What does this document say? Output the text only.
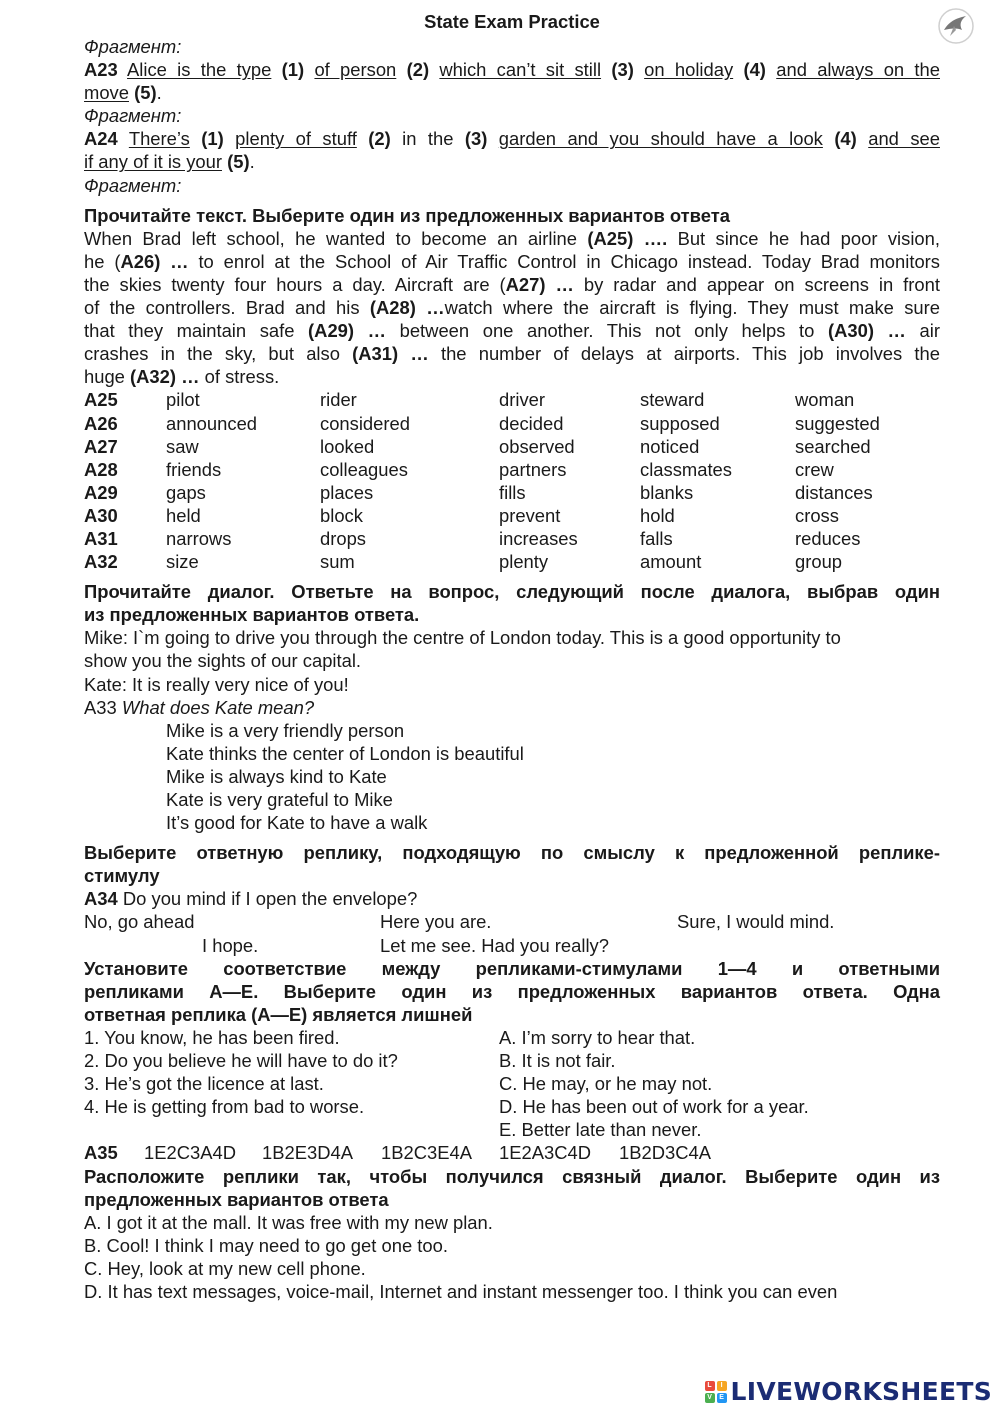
State Exam Practice
Фрагмент:
A23 Alice is the type (1) of person (2) which can’t sit still (3) on holiday (4) and always on the
move (5).
Фрагмент:
A24 There’s (1) plenty of stuff (2) in the (3) garden and you should have a look (4) and see
if any of it is your (5).
Фрагмент:
Прочитайте текст. Выберите один из предложенных вариантов ответа
When Brad left school, he wanted to become an airline (A25) …. But since he had poor vision,
he (A26) … to enrol at the School of Air Traffic Control in Chicago instead. Today Brad monitors
the skies twenty four hours a day. Aircraft are (A27) … by radar and appear on screens in front
of the controllers. Brad and his (A28) …watch where the aircraft is flying. They must make sure
that they maintain safe (A29) … between one another. This not only helps to (A30) … air
crashes in the sky, but also (A31) … the number of delays at airports. This job involves the
huge (A32) … of stress.
A25	pilot	rider	driver	steward	woman
A26	announced	considered	decided	supposed	suggested
A27	saw	looked	observed	noticed	searched
A28	friends	colleagues	partners	classmates	crew
A29	gaps	places	fills	blanks	distances
A30	held	block	prevent	hold	cross
A31	narrows	drops	increases	falls	reduces
A32	size	sum	plenty	amount	group
Прочитайте диалог. Ответьте на вопрос, следующий после диалога, выбрав один
из предложенных вариантов ответа.
Mike: I`m going to drive you through the centre of London today. This is a good opportunity to
show you the sights of our capital.
Kate: It is really very nice of you!
A33 What does Kate mean?
Mike is a very friendly person
Kate thinks the center of London is beautiful
Mike is always kind to Kate
Kate is very grateful to Mike
It’s good for Kate to have a walk
Выберите ответную реплику, подходящую по смыслу к предложенной реплике-
стимулу
A34 Do you mind if I open the envelope?
No, go ahead	Here you are.	Sure, I would mind.
I hope.	Let me see. Had you really?
Установите соответствие между репликами-стимулами 1—4 и ответными
репликами А—Е. Выберите один из предложенных вариантов ответа. Одна
ответная реплика (А—Е) является лишней
1. You know, he has been fired.	A. I’m sorry to hear that.
2. Do you believe he will have to do it?	B. It is not fair.
3. He’s got the licence at last.	C. He may, or he may not.
4. He is getting from bad to worse.	D. He has been out of work for a year.
E. Better late than never.
A35	1E2C3A4D	1B2E3D4A	1B2C3E4A	1E2A3C4D	1B2D3C4A
Расположите реплики так, чтобы получился связный диалог. Выберите один из
предложенных вариантов ответа
A. I got it at the mall. It was free with my new plan.
B. Cool! I think I may need to go get one too.
C. Hey, look at my new cell phone.
D. It has text messages, voice-mail, Internet and instant messenger too. I think you can even
L	I
V	E LIVEWORKSHEETS
